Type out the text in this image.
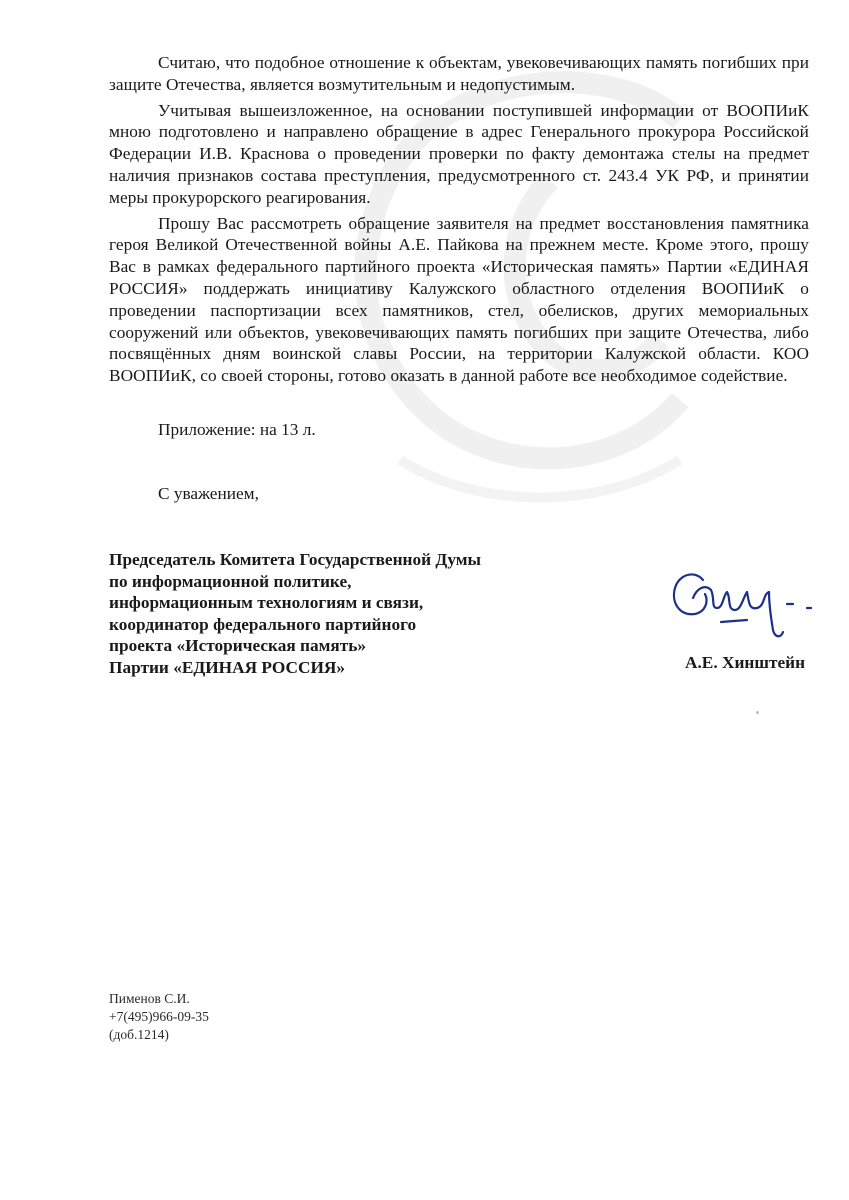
Считаю, что подобное отношение к объектам, увековечивающих память погибших при защите Отечества, является возмутительным и недопустимым.

Учитывая вышеизложенное, на основании поступившей информации от ВООПИиК мною подготовлено и направлено обращение в адрес Генерального прокурора Российской Федерации И.В. Краснова о проведении проверки по факту демонтажа стелы на предмет наличия признаков состава преступления, предусмотренного ст. 243.4 УК РФ, и принятии меры прокурорского реагирования.

Прошу Вас рассмотреть обращение заявителя на предмет восстановления памятника героя Великой Отечественной войны А.Е. Пайкова на прежнем месте. Кроме этого, прошу Вас в рамках федерального партийного проекта «Историческая память» Партии «ЕДИНАЯ РОССИЯ» поддержать инициативу Калужского областного отделения ВООПИиК о проведении паспортизации всех памятников, стел, обелисков, других мемориальных сооружений или объектов, увековечивающих память погибших при защите Отечества, либо посвящённых дням воинской славы России, на территории Калужской области. КОО ВООПИиК, со своей стороны, готово оказать в данной работе все необходимое содействие.

Приложение: на 13 л.
С уважением,
Председатель Комитета Государственной Думы
по информационной политике,
информационным технологиям и связи,
координатор федерального партийного
проекта «Историческая память»
Партии «ЕДИНАЯ РОССИЯ»	А.Е. Хинштейн
Пименов С.И.
+7(495)966-09-35
(доб.1214)
